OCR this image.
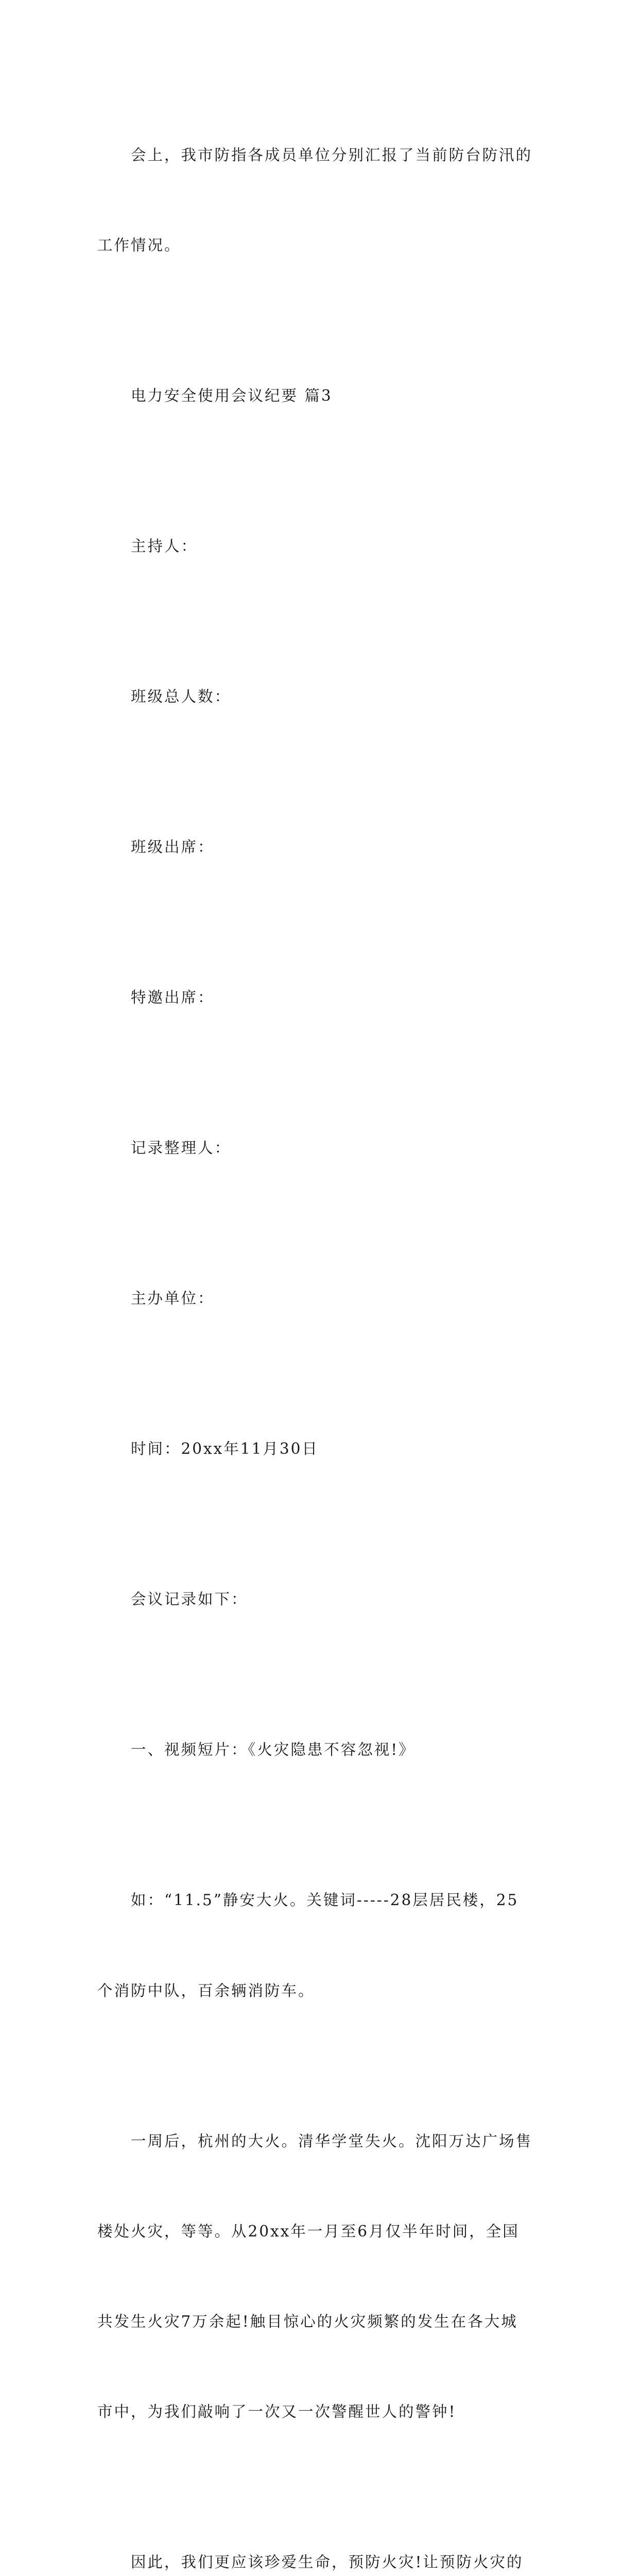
会上，我市防指各成员单位分别汇报了当前防台防汛的

工作情况。

电力安全使用会议纪要 篇3

主持人：

班级总人数：

班级出席：

特邀出席：

记录整理人：

主办单位：

时间：20xx年11月30日

会议记录如下：

一、视频短片：《火灾隐患不容忽视!》

如：“11.5”静安大火。关键词-----28层居民楼，25

个消防中队，百余辆消防车。

一周后，杭州的大火。清华学堂失火。沈阳万达广场售

楼处火灾，等等。从20xx年一月至6月仅半年时间，全国

共发生火灾7万余起!触目惊心的火灾频繁的发生在各大城

市中，为我们敲响了一次又一次警醒世人的警钟!

因此，我们更应该珍爱生命，预防火灾!让预防火灾的
